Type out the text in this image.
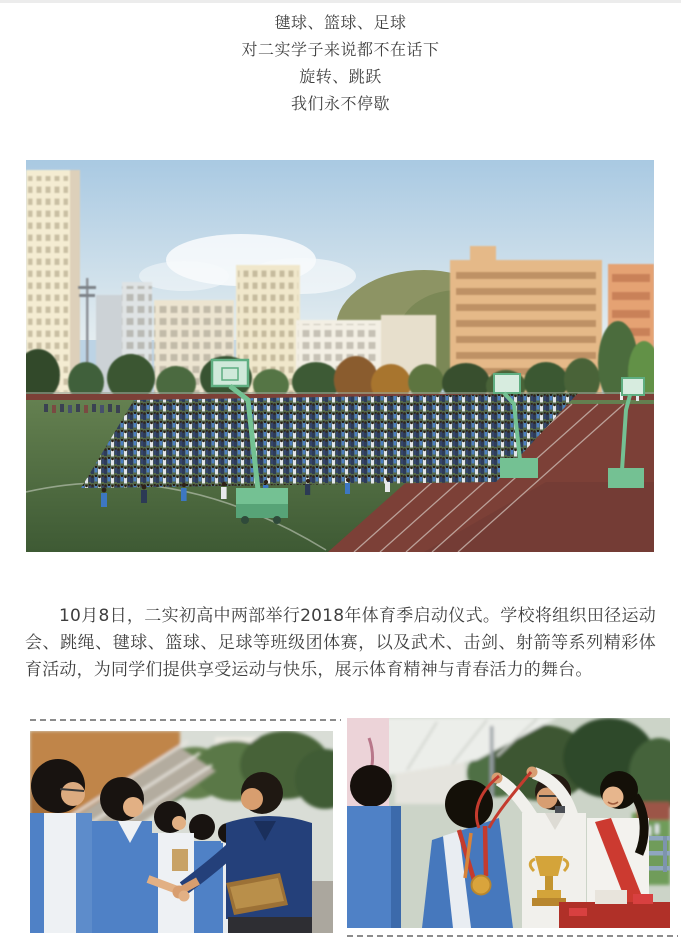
毽球、篮球、足球

对二实学子来说都不在话下

旋转、跳跃

我们永不停歇

10月8日，二实初高中两部举行2018年体育季启动仪式。学校将组织田径运动会、跳绳、毽球、篮球、足球等班级团体赛，以及武术、击剑、射箭等系列精彩体育活动，为同学们提供享受运动与快乐，展示体育精神与青春活力的舞台。
